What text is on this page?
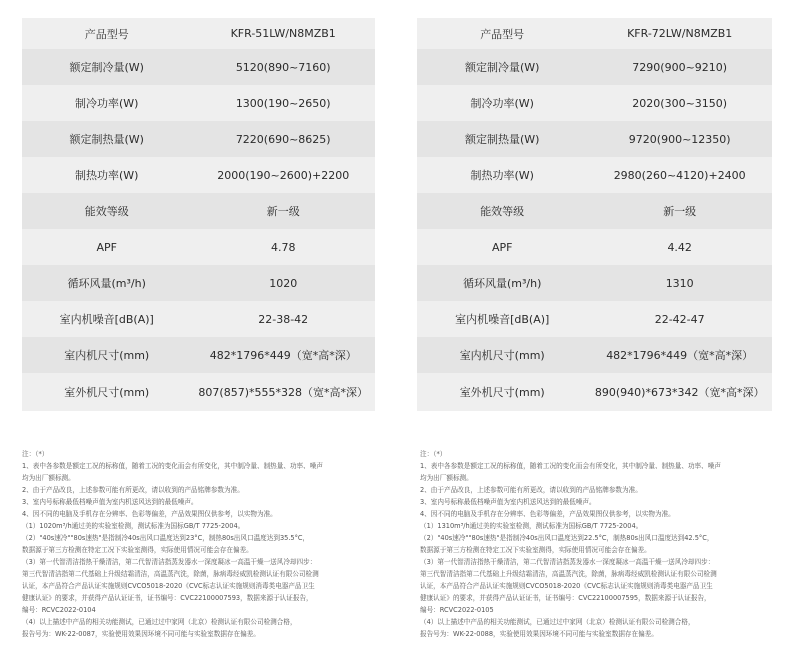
产品型号	KFR-51LW/N8MZB1
额定制冷量(W)	5120(890~7160)
制冷功率(W)	1300(190~2650)
额定制热量(W)	7220(690~8625)
制热功率(W)	2000(190~2600)+2200
能效等级	新一级
APF	4.78
循环风量(m³/h)	1020
室内机噪音[dB(A)]	22-38-42
室内机尺寸(mm)	482*1796*449（宽*高*深）
室外机尺寸(mm)	807(857)*555*328（宽*高*深）
产品型号	KFR-72LW/N8MZB1
额定制冷量(W)	7290(900~9210)
制冷功率(W)	2020(300~3150)
额定制热量(W)	9720(900~12350)
制热功率(W)	2980(260~4120)+2400
能效等级	新一级
APF	4.42
循环风量(m³/h)	1310
室内机噪音[dB(A)]	22-42-47
室内机尺寸(mm)	482*1796*449（宽*高*深）
室外机尺寸(mm)	890(940)*673*342（宽*高*深）

注：（*）

1、表中各参数是额定工况的标称值，随着工况的变化而会有所变化，其中制冷量、制热量、功率、噪声

均为出厂额标测。

2、由于产品改良，上述参数可能有所更改，请以收到的产品铭牌参数为准。

3、室内号标称最低档噪声值为室内机送风达到的最低噪声。

4、因不同的电脑及手机存在分辨率、色彩等偏差，产品效果图仅供参考，以实物为准。

（1）1020m³/h通过美的实验室检测，测试标准为国标GB/T 7725-2004。

（2）"40s速冷""80s速热"是指制冷40s出风口温度达到23°C，制热80s出风口温度达到35.5°C，

数据源于第三方检测在特定工况下实验室测得，实际使用情况可能会存在偏差。

（3）第一代智清洁指热干燥清洁，第二代智清洁指蒸发器水一深度凝冰一高温干燥一送风冷却四步：

第三代智清洁指第二代基础上升级结霜清洁，高温蒸汽洗，除菌，脉病毒经威凯检测认证有限公司检测

认证，本产品符合产品认证实施规则CVCO5018-2020《CVC标志认证实施规则消毒类电器产品卫生

健康认证》的要求，并获得产品认证证书，证书编号：CVC22100007593，数据来源于认证报告，

编号：RCVC2022-0104

（4）以上描述中产品的相关功能测试，已通过过中家网（北京）检测认证有限公司检测合格，

报告号为：WK-22-0087，实验使用效果因环境不同可能与实验室数据存在偏差。

注：（*）

1、表中各参数是额定工况的标称值，随着工况的变化而会有所变化，其中制冷量、制热量、功率、噪声

均为出厂额标测。

2、由于产品改良，上述参数可能有所更改，请以收到的产品铭牌参数为准。

3、室内号标称最低档噪声值为室内机送风达到的最低噪声。

4、因不同的电脑及手机存在分辨率、色彩等偏差，产品效果图仅供参考，以实物为准。

（1）1310m³/h通过美的实验室检测，测试标准为国标GB/T 7725-2004。

（2）"40s速冷""80s速热"是指制冷40s出风口温度达到22.5°C，制热80s出风口温度达到42.5°C，

数据源于第三方检测在特定工况下实验室测得，实际使用情况可能会存在偏差。

（3）第一代智清洁指热干燥清洁，第二代智清洁指蒸发器水一深度凝冰一高温干燥一送风冷却四步：

第三代智清洁指第二代基础上升级结霜清洁，高温蒸汽洗，除菌，脉病毒经威凯检测认证有限公司检测

认证，本产品符合产品认证实施规则CVCO5018-2020《CVC标志认证实施规则消毒类电器产品卫生

健康认证》的要求，并获得产品认证证书，证书编号：CVC22100007595，数据来源于认证报告，

编号：RCVC2022-0105

（4）以上描述中产品的相关功能测试，已通过过中家网（北京）检测认证有限公司检测合格，

报告号为：WK-22-0088，实验使用效果因环境不同可能与实验室数据存在偏差。
